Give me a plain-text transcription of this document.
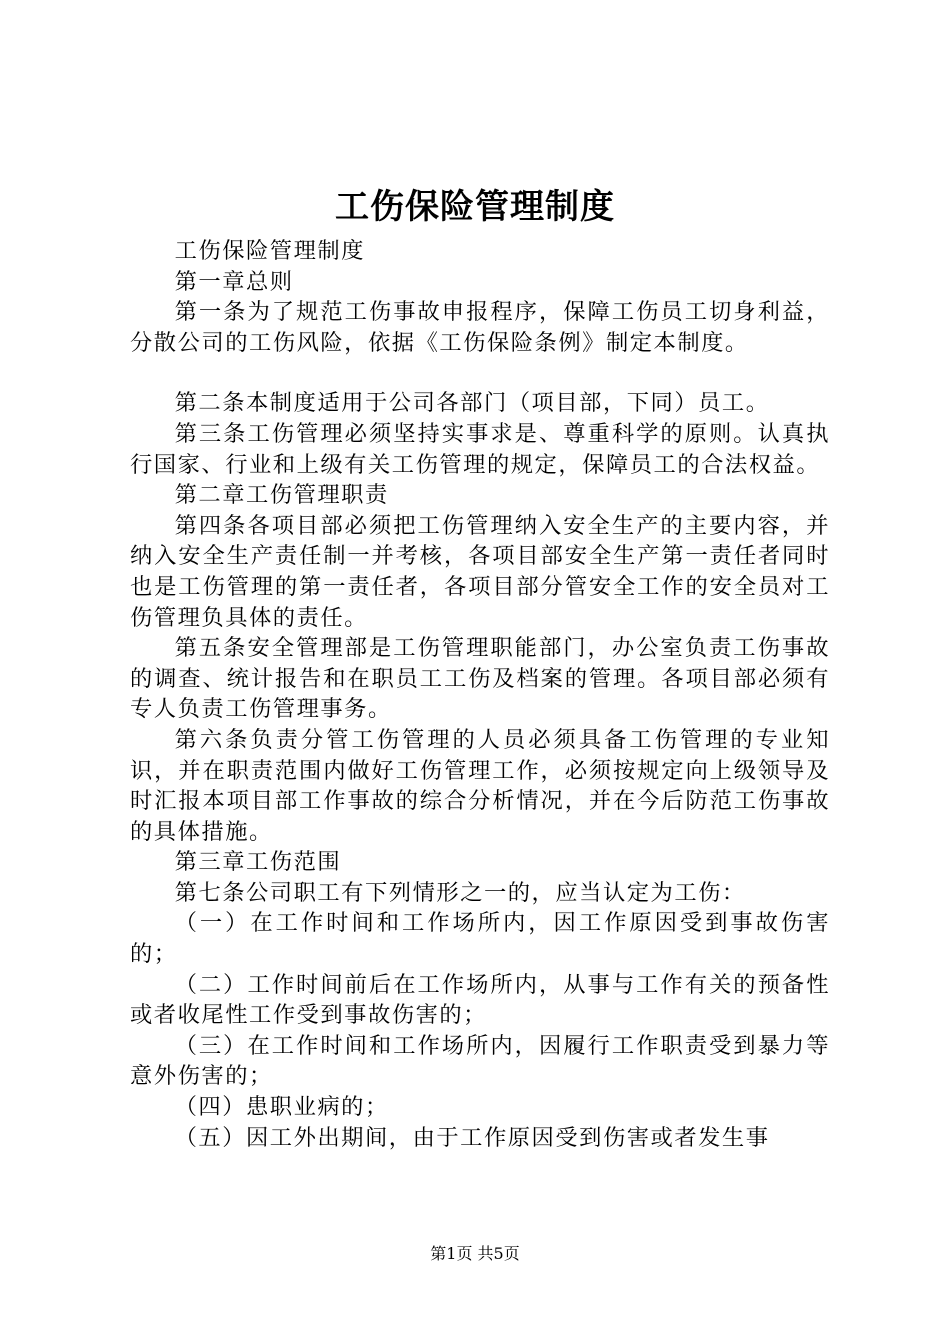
工伤保险管理制度

工伤保险管理制度

第一章总则

第一条为了规范工伤事故申报程序，保障工伤员工切身利益，分散公司的工伤风险，依据《工伤保险条例》制定本制度。

第二条本制度适用于公司各部门（项目部，下同）员工。

第三条工伤管理必须坚持实事求是、尊重科学的原则。认真执行国家、行业和上级有关工伤管理的规定，保障员工的合法权益。

第二章工伤管理职责

第四条各项目部必须把工伤管理纳入安全生产的主要内容，并纳入安全生产责任制一并考核，各项目部安全生产第一责任者同时也是工伤管理的第一责任者，各项目部分管安全工作的安全员对工伤管理负具体的责任。

第五条安全管理部是工伤管理职能部门，办公室负责工伤事故的调查、统计报告和在职员工工伤及档案的管理。各项目部必须有专人负责工伤管理事务。

第六条负责分管工伤管理的人员必须具备工伤管理的专业知识，并在职责范围内做好工伤管理工作，必须按规定向上级领导及时汇报本项目部工作事故的综合分析情况，并在今后防范工伤事故的具体措施。

第三章工伤范围

第七条公司职工有下列情形之一的，应当认定为工伤：

（一）在工作时间和工作场所内，因工作原因受到事故伤害的；

（二）工作时间前后在工作场所内，从事与工作有关的预备性或者收尾性工作受到事故伤害的；

（三）在工作时间和工作场所内，因履行工作职责受到暴力等意外伤害的；

（四）患职业病的；

（五）因工外出期间，由于工作原因受到伤害或者发生事

第1页 共5页
